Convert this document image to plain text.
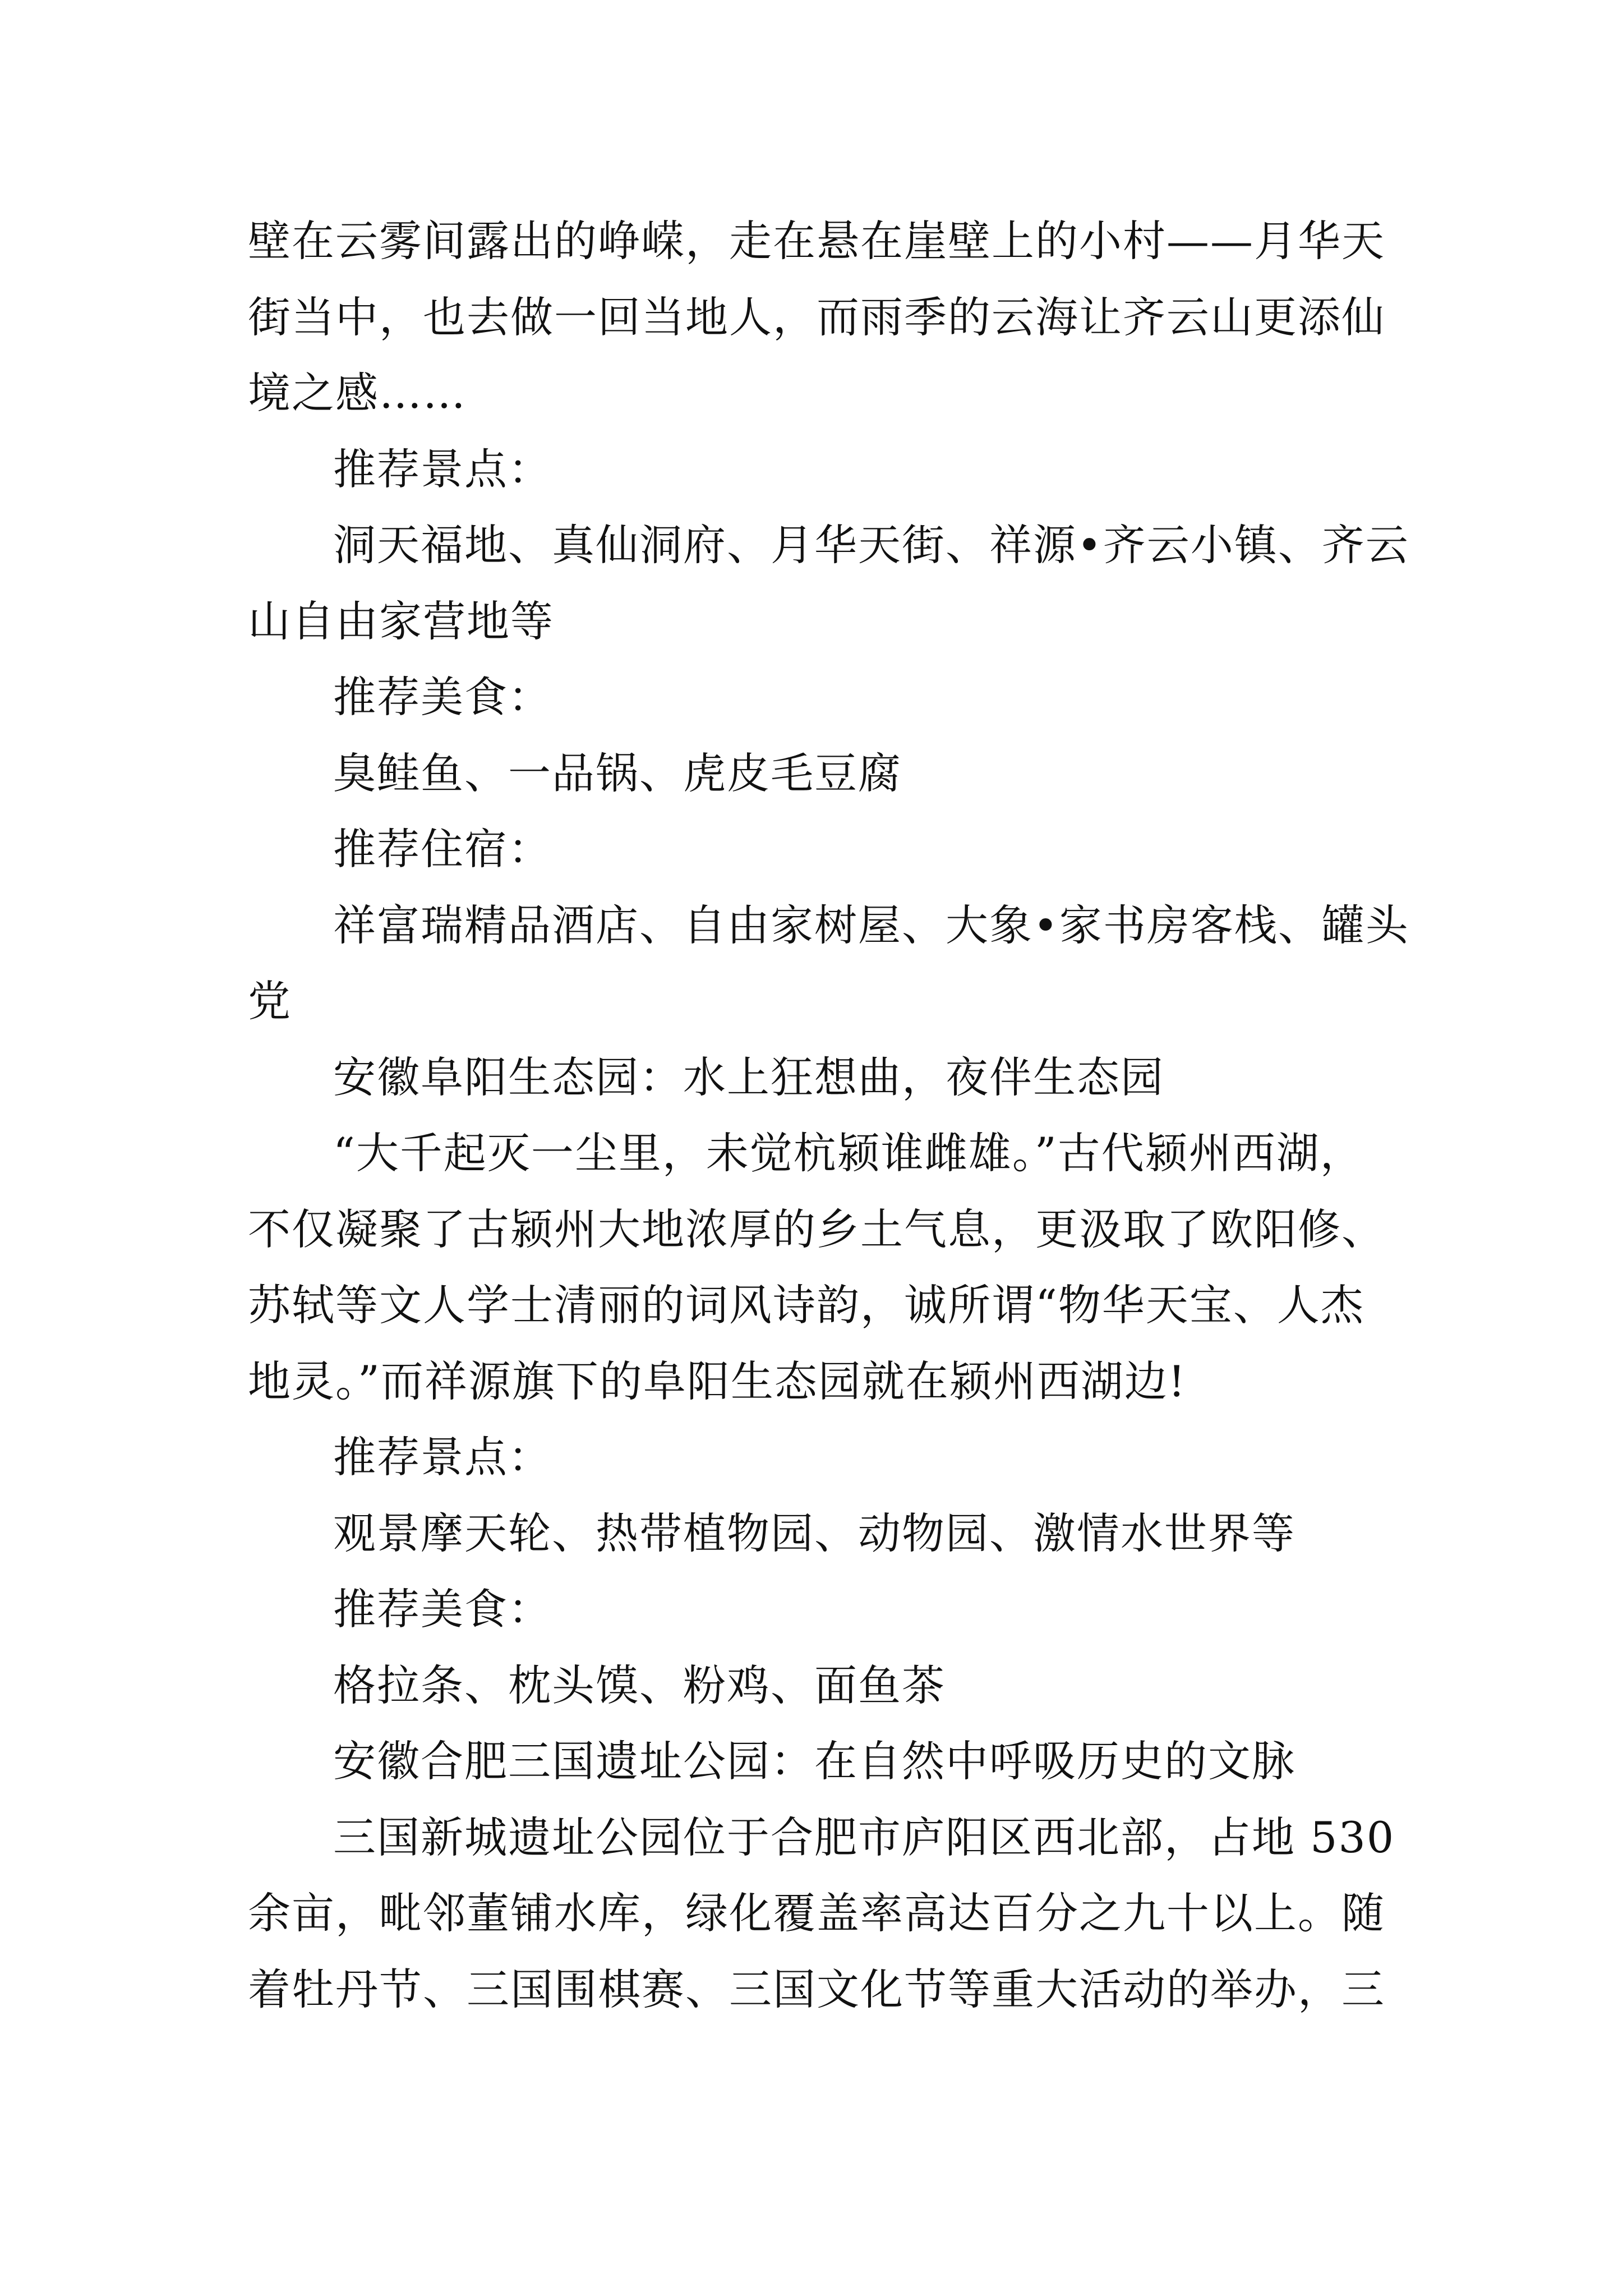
壁在云雾间露出的峥嵘，走在悬在崖壁上的小村——月华天
街当中，也去做一回当地人，而雨季的云海让齐云山更添仙
境之感……
推荐景点：
洞天福地、真仙洞府、月华天街、祥源•齐云小镇、齐云
山自由家营地等
推荐美食：
臭鲑鱼、一品锅、虎皮毛豆腐
推荐住宿：
祥富瑞精品酒店、自由家树屋、大象•家书房客栈、罐头
党
安徽阜阳生态园：水上狂想曲，夜伴生态园
“大千起灭一尘里，未觉杭颍谁雌雄。”古代颍州西湖，
不仅凝聚了古颍州大地浓厚的乡土气息，更汲取了欧阳修、
苏轼等文人学士清丽的词风诗韵，诚所谓“物华天宝、人杰
地灵。”而祥源旗下的阜阳生态园就在颍州西湖边!
推荐景点：
观景摩天轮、热带植物园、动物园、激情水世界等
推荐美食：
格拉条、枕头馍、粉鸡、面鱼茶
安徽合肥三国遗址公园：在自然中呼吸历史的文脉
三国新城遗址公园位于合肥市庐阳区西北部，占地 530
余亩，毗邻董铺水库，绿化覆盖率高达百分之九十以上。随
着牡丹节、三国围棋赛、三国文化节等重大活动的举办，三
